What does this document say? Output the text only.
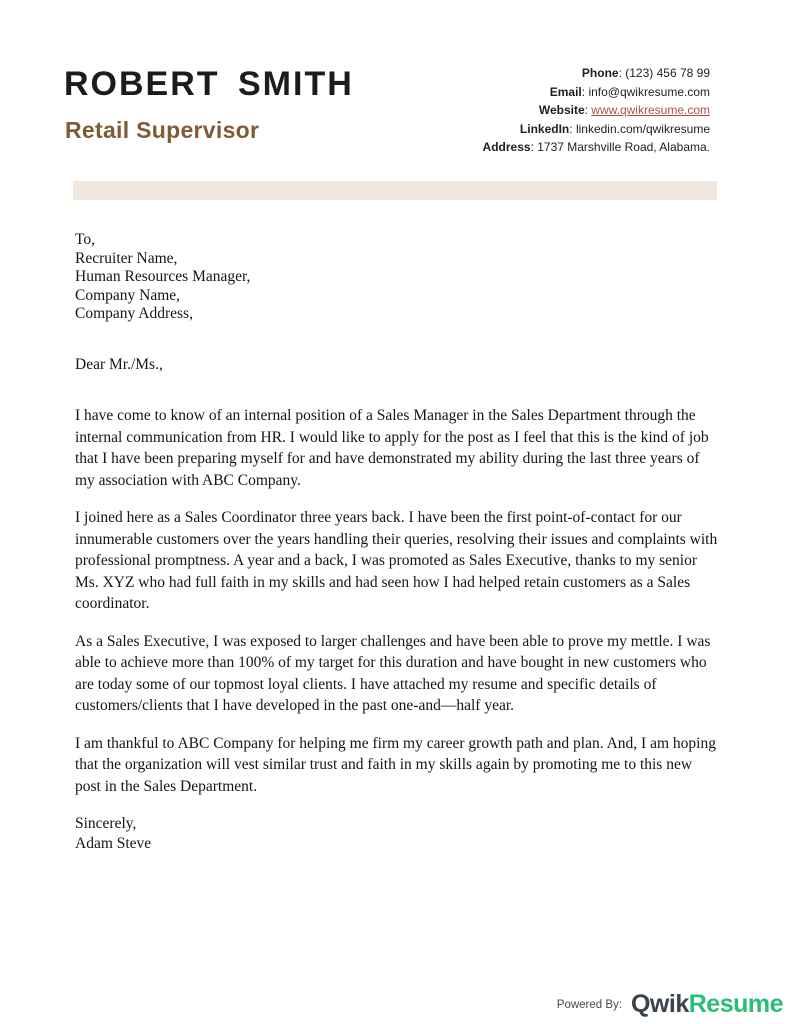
ROBERT SMITH
Retail Supervisor
Phone: (123) 456 78 99
Email: info@qwikresume.com
Website: www.qwikresume.com
LinkedIn: linkedin.com/qwikresume
Address: 1737 Marshville Road, Alabama.
To,
Recruiter Name,
Human Resources Manager,
Company Name,
Company Address,
Dear Mr./Ms.,

I have come to know of an internal position of a Sales Manager in the Sales Department through the internal communication from HR. I would like to apply for the post as I feel that this is the kind of job that I have been preparing myself for and have demonstrated my ability during the last three years of my association with ABC Company.

I joined here as a Sales Coordinator three years back. I have been the first point-of-contact for our innumerable customers over the years handling their queries, resolving their issues and complaints with professional promptness. A year and a back, I was promoted as Sales Executive, thanks to my senior Ms. XYZ who had full faith in my skills and had seen how I had helped retain customers as a Sales coordinator.

As a Sales Executive, I was exposed to larger challenges and have been able to prove my mettle. I was able to achieve more than 100% of my target for this duration and have bought in new customers who are today some of our topmost loyal clients. I have attached my resume and specific details of customers/clients that I have developed in the past one-and—half year.

I am thankful to ABC Company for helping me firm my career growth path and plan. And, I am hoping that the organization will vest similar trust and faith in my skills again by promoting me to this new post in the Sales Department.

Sincerely,
Adam Steve
Powered By: QwikResume
